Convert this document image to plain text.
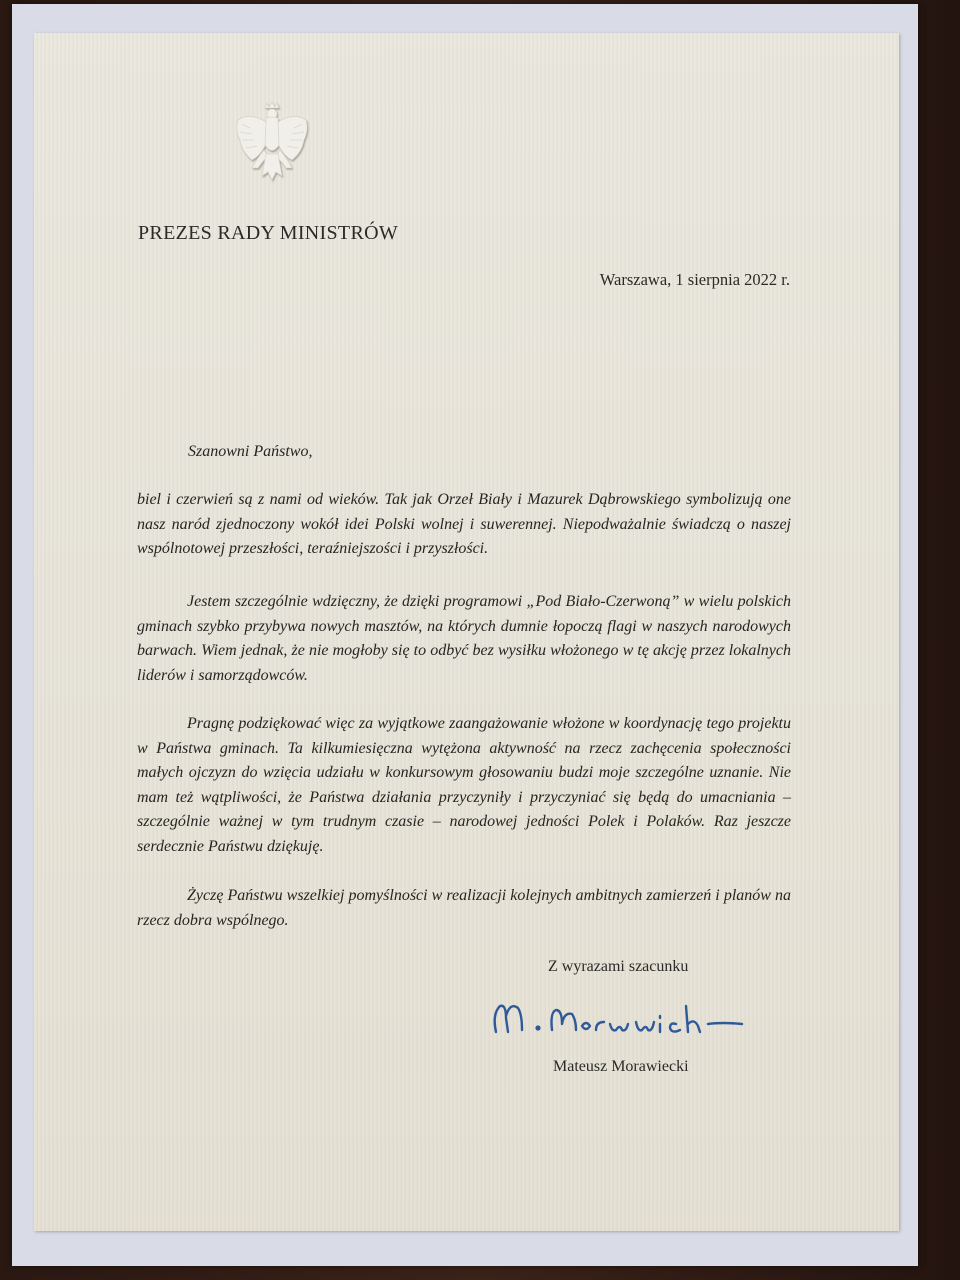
PREZES RADY MINISTRÓW
Warszawa, 1 sierpnia 2022 r.
Szanowni Państwo,

biel i czerwień są z nami od wieków. Tak jak Orzeł Biały i Mazurek Dąbrowskiego symbolizują one nasz naród zjednoczony wokół idei Polski wolnej i suwerennej. Niepodważalnie świadczą o naszej wspólnotowej przeszłości, teraźniejszości i przyszłości.

Jestem szczególnie wdzięczny, że dzięki programowi „Pod Biało-Czerwoną” w wielu polskich gminach szybko przybywa nowych masztów, na których dumnie łopoczą flagi w naszych narodowych barwach. Wiem jednak, że nie mogłoby się to odbyć bez wysiłku włożonego w tę akcję przez lokalnych liderów i samorządowców.

Pragnę podziękować więc za wyjątkowe zaangażowanie włożone w koordynację tego projektu w Państwa gminach. Ta kilkumiesięczna wytężona aktywność na rzecz zachęcenia społeczności małych ojczyzn do wzięcia udziału w konkursowym głosowaniu budzi moje szczególne uznanie. Nie mam też wątpliwości, że Państwa działania przyczyniły i przyczyniać się będą do umacniania – szczególnie ważnej w tym trudnym czasie – narodowej jedności Polek i Polaków. Raz jeszcze serdecznie Państwu dziękuję.

Życzę Państwu wszelkiej pomyślności w realizacji kolejnych ambitnych zamierzeń i planów na rzecz dobra wspólnego.

Z wyrazami szacunku
Mateusz Morawiecki
